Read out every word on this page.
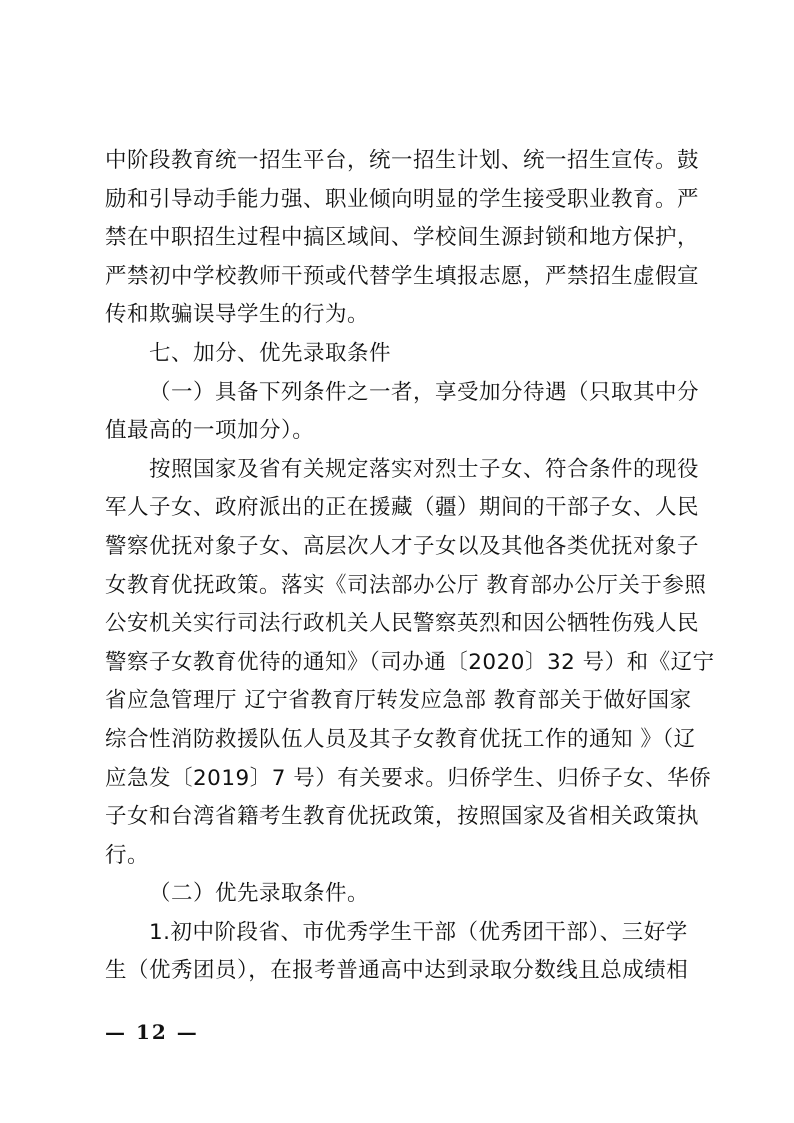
中阶段教育统一招生平台，统一招生计划、统一招生宣传。鼓
励和引导动手能力强、职业倾向明显的学生接受职业教育。严
禁在中职招生过程中搞区域间、学校间生源封锁和地方保护，
严禁初中学校教师干预或代替学生填报志愿，严禁招生虚假宣
传和欺骗误导学生的行为。
七、加分、优先录取条件
（一）具备下列条件之一者，享受加分待遇（只取其中分
值最高的一项加分）。
按照国家及省有关规定落实对烈士子女、符合条件的现役
军人子女、政府派出的正在援藏（疆）期间的干部子女、人民
警察优抚对象子女、高层次人才子女以及其他各类优抚对象子
女教育优抚政策。落实《司法部办公厅 教育部办公厅关于参照
公安机关实行司法行政机关人民警察英烈和因公牺牲伤残人民
警察子女教育优待的通知》（司办通〔2020〕32 号）和《辽宁
省应急管理厅 辽宁省教育厅转发应急部 教育部关于做好国家
综合性消防救援队伍人员及其子女教育优抚工作的通知 》（辽
应急发〔2019〕7 号）有关要求。归侨学生、归侨子女、华侨
子女和台湾省籍考生教育优抚政策，按照国家及省相关政策执
行。
（二）优先录取条件。
1.初中阶段省、市优秀学生干部（优秀团干部）、三好学
生（优秀团员），在报考普通高中达到录取分数线且总成绩相
— 12 —
